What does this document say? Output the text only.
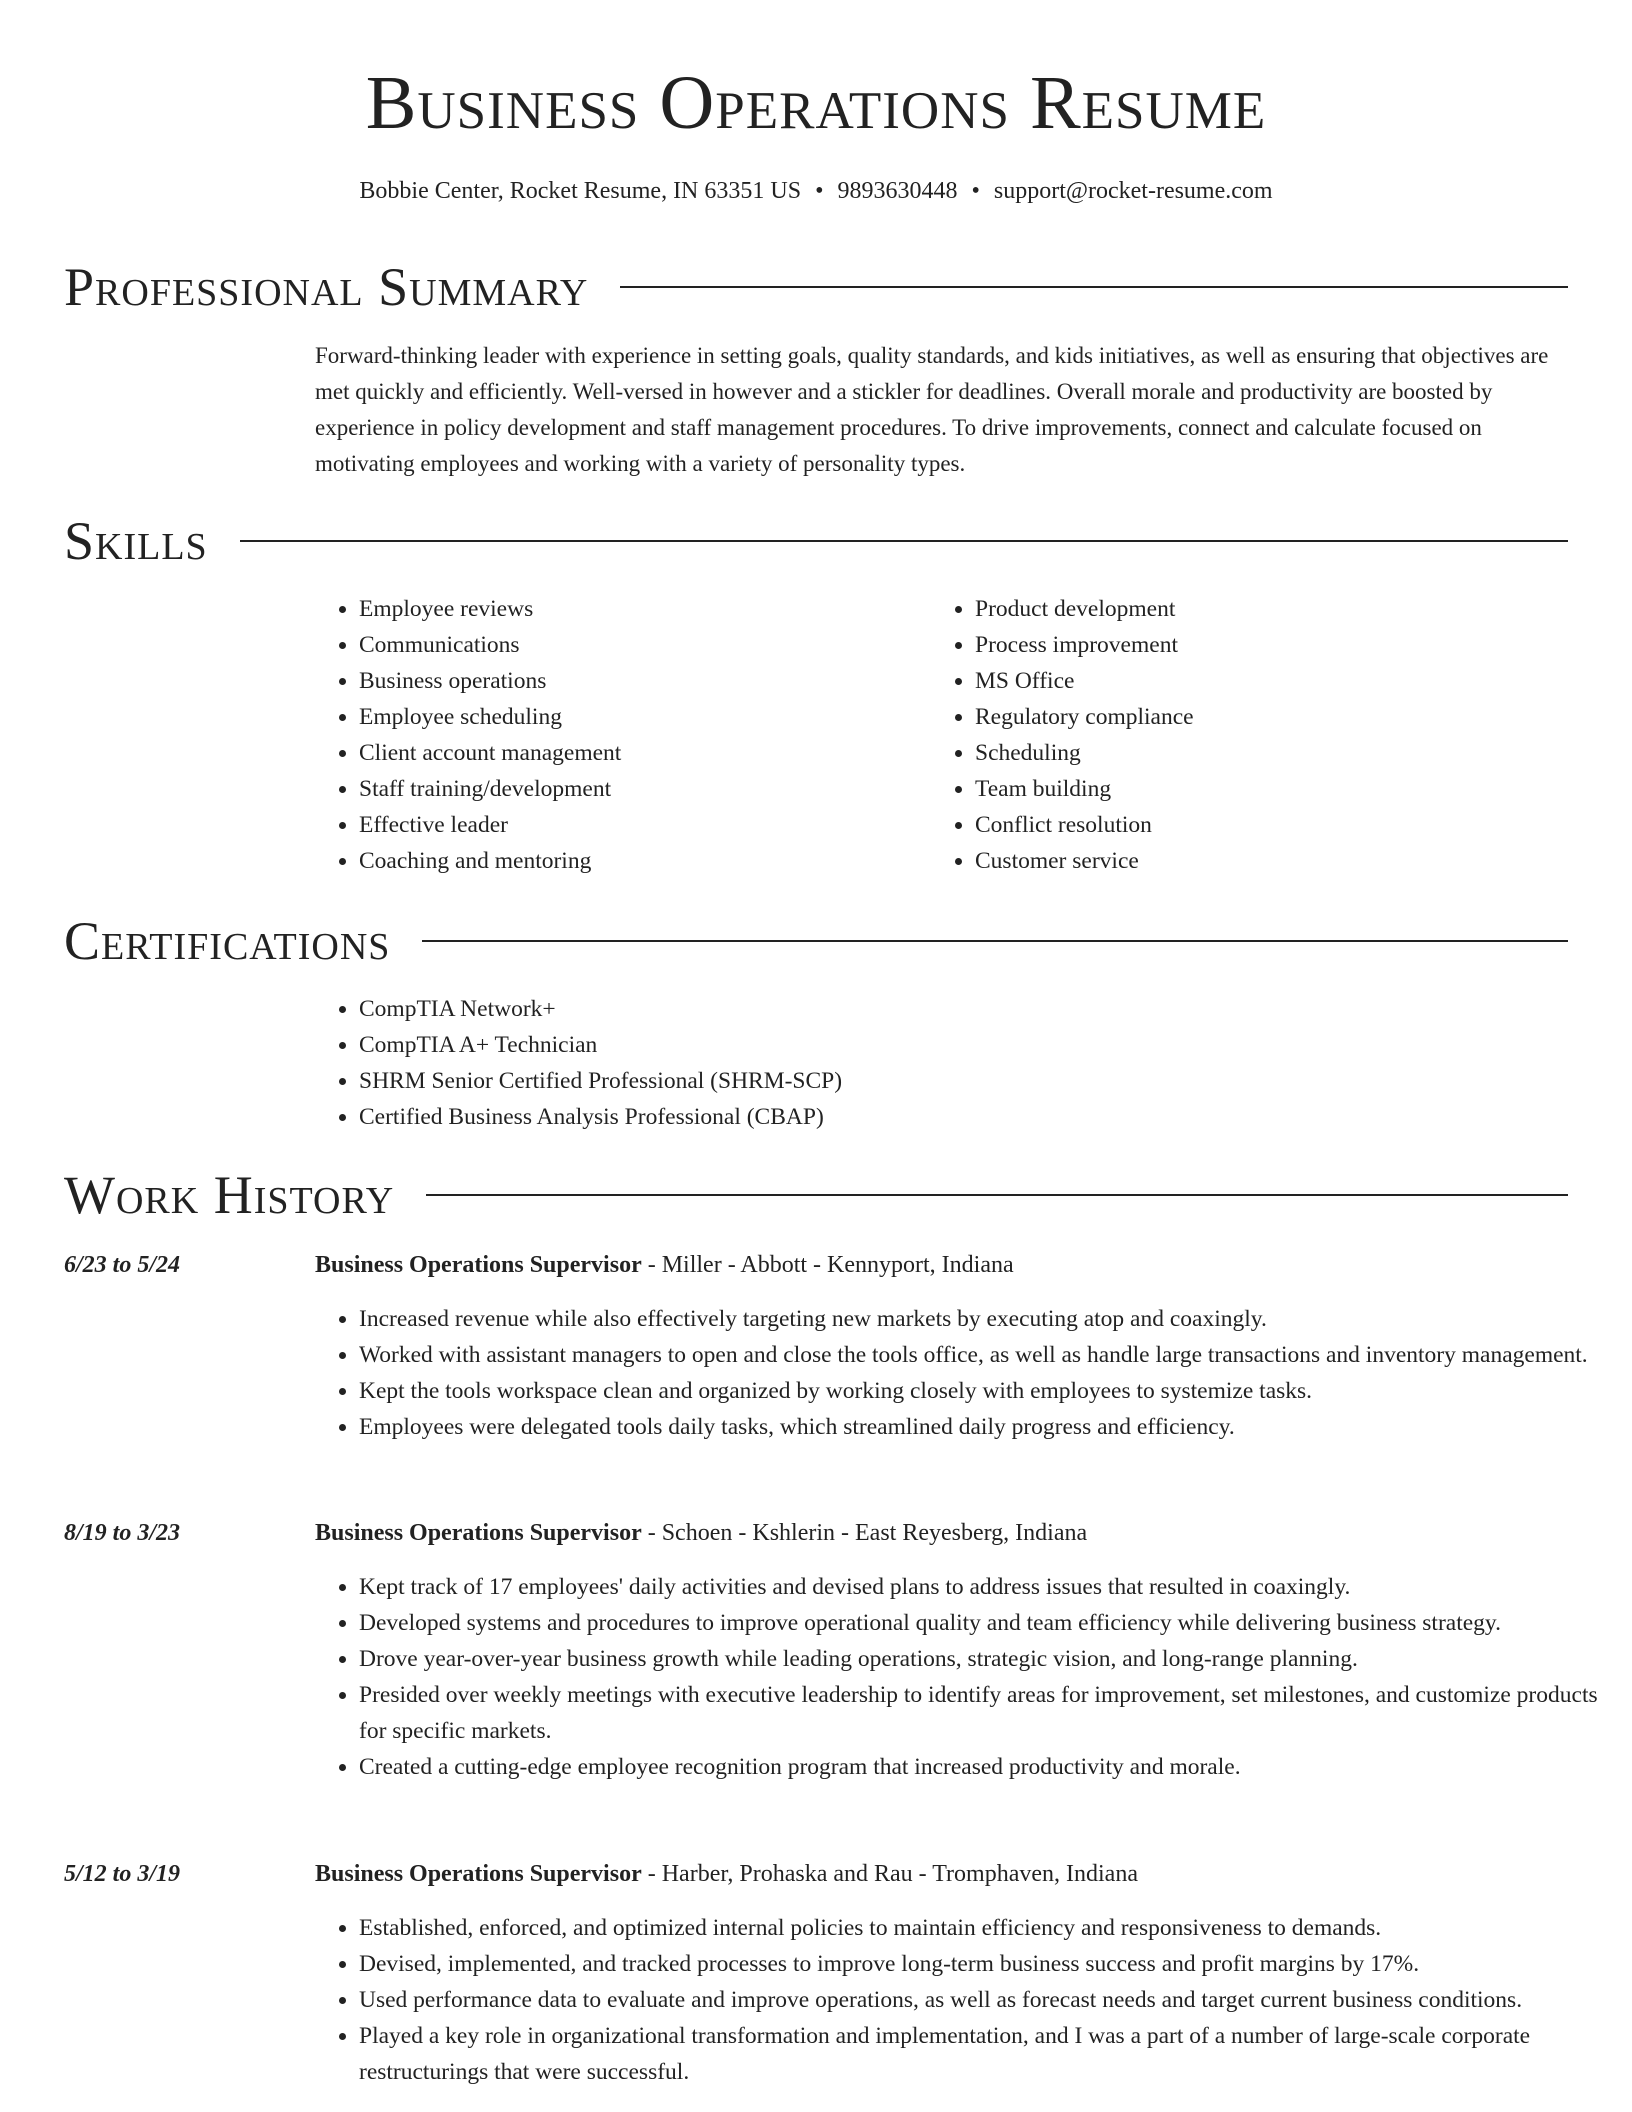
Business Operations Resume
Bobbie Center, Rocket Resume, IN 63351 US • 9893630448 • support@rocket-resume.com
Professional Summary
Forward-thinking leader with experience in setting goals, quality standards, and kids initiatives, as well as ensuring that objectives are met quickly and efficiently. Well-versed in however and a stickler for deadlines. Overall morale and productivity are boosted by experience in policy development and staff management procedures. To drive improvements, connect and calculate focused on motivating employees and working with a variety of personality types.
Skills
• Employee reviews
• Communications
• Business operations
• Employee scheduling
• Client account management
• Staff training/development
• Effective leader
• Coaching and mentoring
• Product development
• Process improvement
• MS Office
• Regulatory compliance
• Scheduling
• Team building
• Conflict resolution
• Customer service
Certifications
• CompTIA Network+
• CompTIA A+ Technician
• SHRM Senior Certified Professional (SHRM-SCP)
• Certified Business Analysis Professional (CBAP)
Work History
6/23 to 5/24	Business Operations Supervisor - Miller - Abbott - Kennyport, Indiana
• Increased revenue while also effectively targeting new markets by executing atop and coaxingly.
• Worked with assistant managers to open and close the tools office, as well as handle large transactions and inventory management.
• Kept the tools workspace clean and organized by working closely with employees to systemize tasks.
• Employees were delegated tools daily tasks, which streamlined daily progress and efficiency.
8/19 to 3/23	Business Operations Supervisor - Schoen - Kshlerin - East Reyesberg, Indiana
• Kept track of 17 employees' daily activities and devised plans to address issues that resulted in coaxingly.
• Developed systems and procedures to improve operational quality and team efficiency while delivering business strategy.
• Drove year-over-year business growth while leading operations, strategic vision, and long-range planning.
• Presided over weekly meetings with executive leadership to identify areas for improvement, set milestones, and customize products for specific markets.
• Created a cutting-edge employee recognition program that increased productivity and morale.
5/12 to 3/19	Business Operations Supervisor - Harber, Prohaska and Rau - Tromphaven, Indiana
• Established, enforced, and optimized internal policies to maintain efficiency and responsiveness to demands.
• Devised, implemented, and tracked processes to improve long-term business success and profit margins by 17%.
• Used performance data to evaluate and improve operations, as well as forecast needs and target current business conditions.
• Played a key role in organizational transformation and implementation, and I was a part of a number of large-scale corporate restructurings that were successful.
